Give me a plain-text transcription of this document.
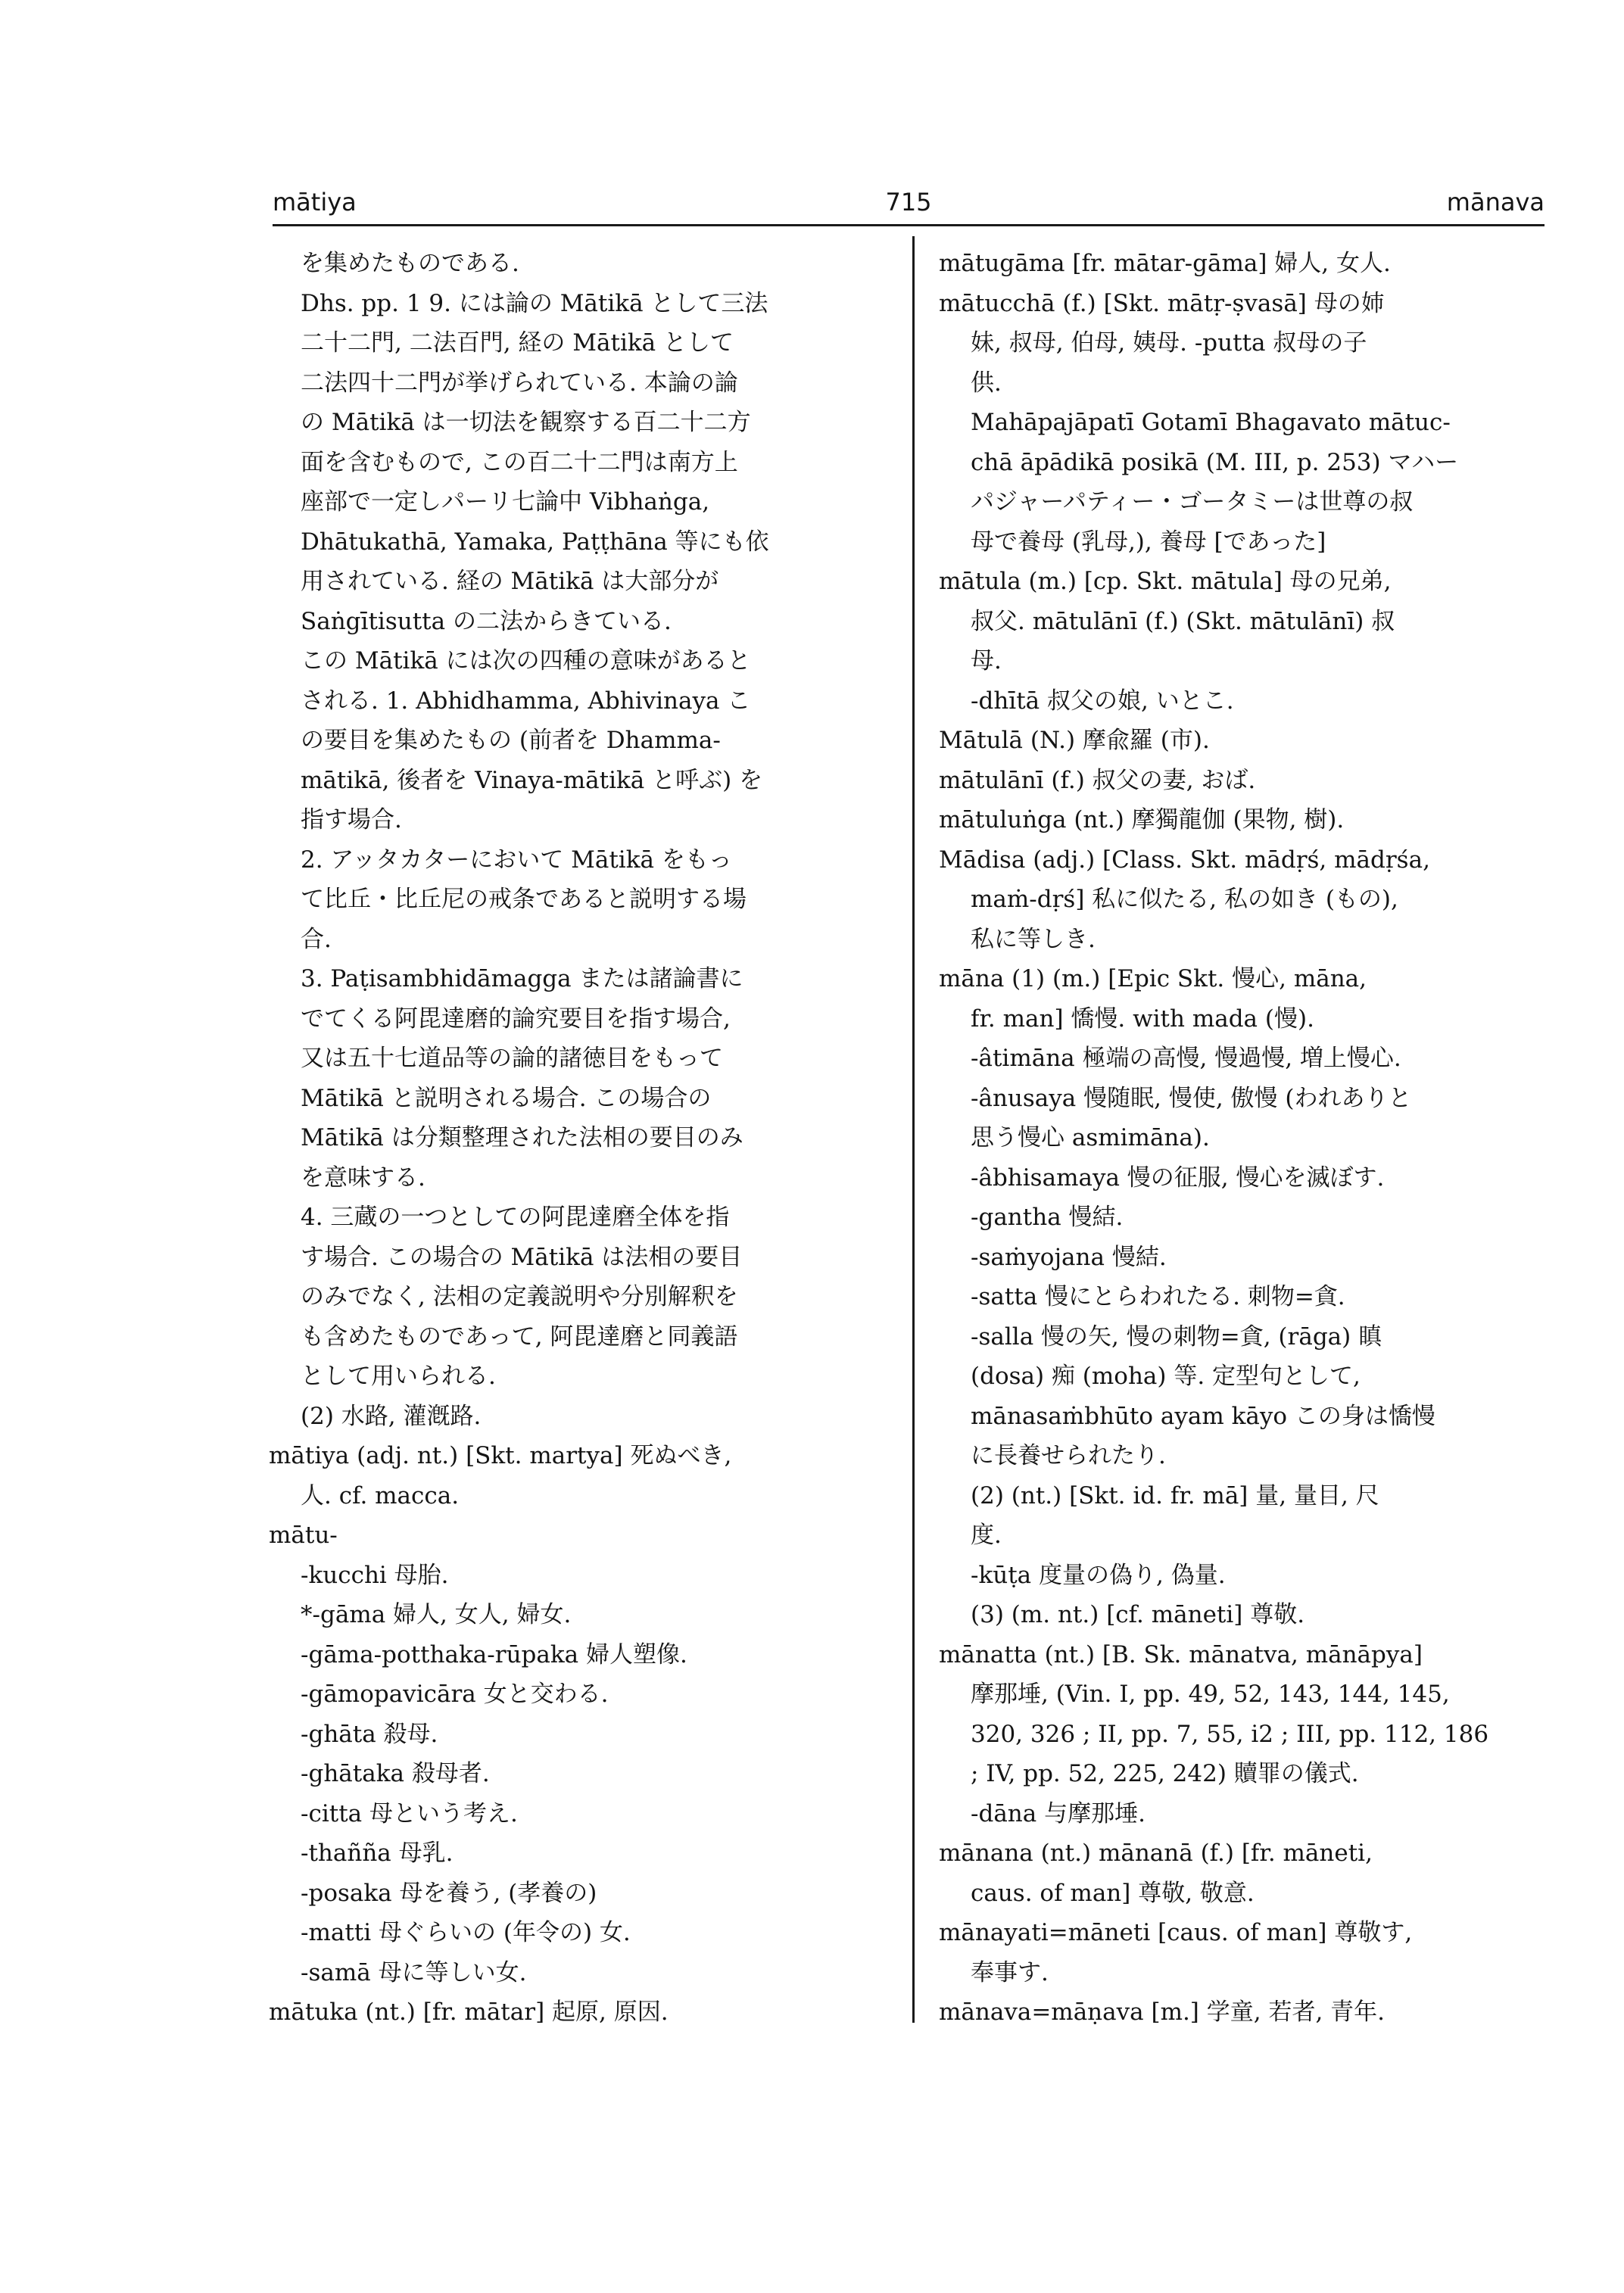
mātiya	715	mānava
を集めたものである.
Dhs. pp. 1 9. には論の Mātikā として三法
二十二門, 二法百門, 経の Mātikā として
二法四十二門が挙げられている. 本論の論
の Mātikā は一切法を観察する百二十二方
面を含むもので, この百二十二門は南方上
座部で一定しパーリ七論中 Vibhaṅga,
Dhātukathā, Yamaka, Paṭṭhāna 等にも依
用されている. 経の Mātikā は大部分が
Saṅgītisutta の二法からきている.
この Mātikā には次の四種の意味があると
される. 1. Abhidhamma, Abhivinaya こ
の要目を集めたもの (前者を Dhamma-
mātikā, 後者を Vinaya-mātikā と呼ぶ) を
指す場合.
2. アッタカターにおいて Mātikā をもっ
て比丘・比丘尼の戒条であると説明する場
合.
3. Paṭisambhidāmagga または諸論書に
でてくる阿毘達磨的論究要目を指す場合,
又は五十七道品等の論的諸徳目をもって
Mātikā と説明される場合. この場合の
Mātikā は分類整理された法相の要目のみ
を意味する.
4. 三蔵の一つとしての阿毘達磨全体を指
す場合. この場合の Mātikā は法相の要目
のみでなく, 法相の定義説明や分別解釈を
も含めたものであって, 阿毘達磨と同義語
として用いられる.
(2) 水路, 灌漑路.
mātiya (adj. nt.) [Skt. martya] 死ぬべき,
人. cf. macca.
mātu-
-kucchi 母胎.
*-gāma 婦人, 女人, 婦女.
-gāma-potthaka-rūpaka 婦人塑像.
-gāmopavicāra 女と交わる.
-ghāta 殺母.
-ghātaka 殺母者.
-citta 母という考え.
-thañña 母乳.
-posaka 母を養う, (孝養の)
-matti 母ぐらいの (年令の) 女.
-samā 母に等しい女.
mātuka (nt.) [fr. mātar] 起原, 原因.
mātugāma [fr. mātar-gāma] 婦人, 女人.
mātucchā (f.) [Skt. mātṛ-ṣvasā] 母の姉
妹, 叔母, 伯母, 姨母. -putta 叔母の子
供.
Mahāpajāpatī Gotamī Bhagavato mātuc-
chā āpādikā posikā (M. III, p. 253) マハー
パジャーパティー・ゴータミーは世尊の叔
母で養母 (乳母,), 養母 [であった]
mātula (m.) [cp. Skt. mātula] 母の兄弟,
叔父. mātulānī (f.) (Skt. mātulānī) 叔
母.
-dhītā 叔父の娘, いとこ.
Mātulā (N.) 摩兪羅 (市).
mātulānī (f.) 叔父の妻, おば.
mātuluṅga (nt.) 摩獨龍伽 (果物, 樹).
Mādisa (adj.) [Class. Skt. mādṛś, mādṛśa,
maṁ-dṛś] 私に似たる, 私の如き (もの),
私に等しき.
māna (1) (m.) [Epic Skt. 慢心, māna,
fr. man] 憍慢. with mada (慢).
-âtimāna 極端の高慢, 慢過慢, 増上慢心.
-ânusaya 慢随眠, 慢使, 傲慢 (われありと
思う慢心 asmimāna).
-âbhisamaya 慢の征服, 慢心を滅ぼす.
-gantha 慢結.
-saṁyojana 慢結.
-satta 慢にとらわれたる. 刺物=貪.
-salla 慢の矢, 慢の刺物=貪, (rāga) 瞋
(dosa) 痴 (moha) 等. 定型句として,
mānasaṁbhūto ayam kāyo この身は憍慢
に長養せられたり.
(2) (nt.) [Skt. id. fr. mā] 量, 量目, 尺
度.
-kūṭa 度量の偽り, 偽量.
(3) (m. nt.) [cf. māneti] 尊敬.
mānatta (nt.) [B. Sk. mānatva, mānāpya]
摩那埵, (Vin. I, pp. 49, 52, 143, 144, 145,
320, 326 ; II, pp. 7, 55, i2 ; III, pp. 112, 186
; IV, pp. 52, 225, 242) 贖罪の儀式.
-dāna 与摩那埵.
mānana (nt.) mānanā (f.) [fr. māneti,
caus. of man] 尊敬, 敬意.
mānayati=māneti [caus. of man] 尊敬す,
奉事す.
mānava=māṇava [m.] 学童, 若者, 青年.
